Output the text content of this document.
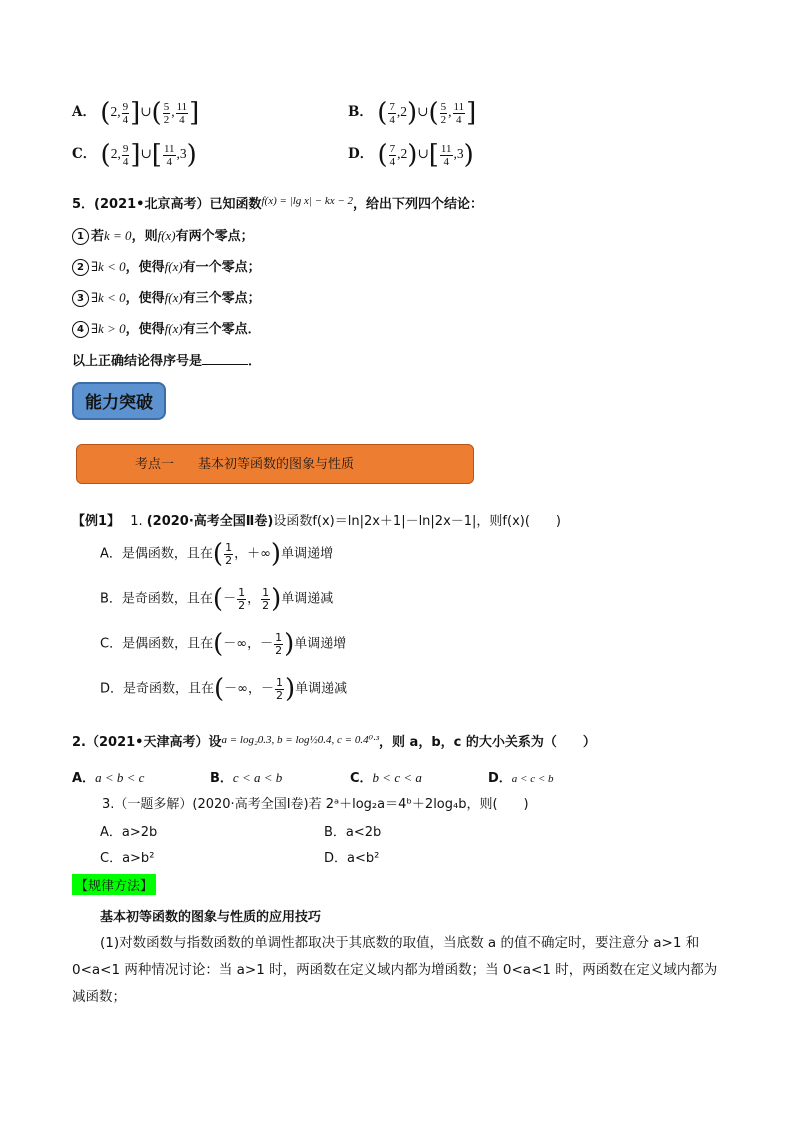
A． (2, $\frac{9}{4}$ ]∪( $\frac{5}{2}$ , $\frac{11}{4}$ ]	B． ( $\frac{7}{4}$ ,2)∪( $\frac{5}{2}$ , $\frac{11}{4}$ ]
C． (2, $\frac{9}{4}$ ]∪[ $\frac{11}{4} ,3$)	D． ( $\frac{7}{4}$ ,2)∪[ $\frac{11}{4} ,3$)
5．(2021•北京高考）已知函数$^{f(x) = |lg x| - kx - 2}$，给出下列四个结论：
1 若k = 0，则f(x)有两个零点；
2 ∃k < 0，使得f(x)有一个零点；
3 ∃k < 0，使得f(x)有三个零点；
4 ∃k > 0，使得f(x)有三个零点．
以上正确结论得序号是	．
能力突破
考点一 基本初等函数的图象与性质
【例1】 1. (2020·高考全国Ⅱ卷)设函数f(x)＝ln|2x＋1|－ln|2x－1|，则f(x)(　　)
A．是偶函数，且在( $\frac{1}{2}$ ，＋∞)单调递增
B．是奇函数，且在(－ $\frac{1}{2}$ ， $\frac{1}{2}$ )单调递减
C．是偶函数，且在(－∞，－ $\frac{1}{2}$ )单调递增
D．是奇函数，且在(－∞，－ $\frac{1}{2}$ )单调递减
2.（2021•天津高考）设$^{a = log_20.3, b = log\frac{1}{2}0.4, c = 0.4^0\cdot^3}$，则 a，b，c 的大小关系为（　　）
A．a < b < c	B．c < a < b	C．b < c < a	D．a < c < b
3.（一题多解）(2020·高考全国Ⅰ卷)若 2ᵃ＋log₂a＝4ᵇ＋2log₄b，则(　　)
A．a>2b	B．a<2b
C．a>b²	D．a<b²
【规律方法】
基本初等函数的图象与性质的应用技巧
(1)对数函数与指数函数的单调性都取决于其底数的取值，当底数 a 的值不确定时，要注意分 a>1 和 0<a<1 两种情况讨论：当 a>1 时，两函数在定义域内都为增函数；当 0<a<1 时，两函数在定义域内都为减函数；
